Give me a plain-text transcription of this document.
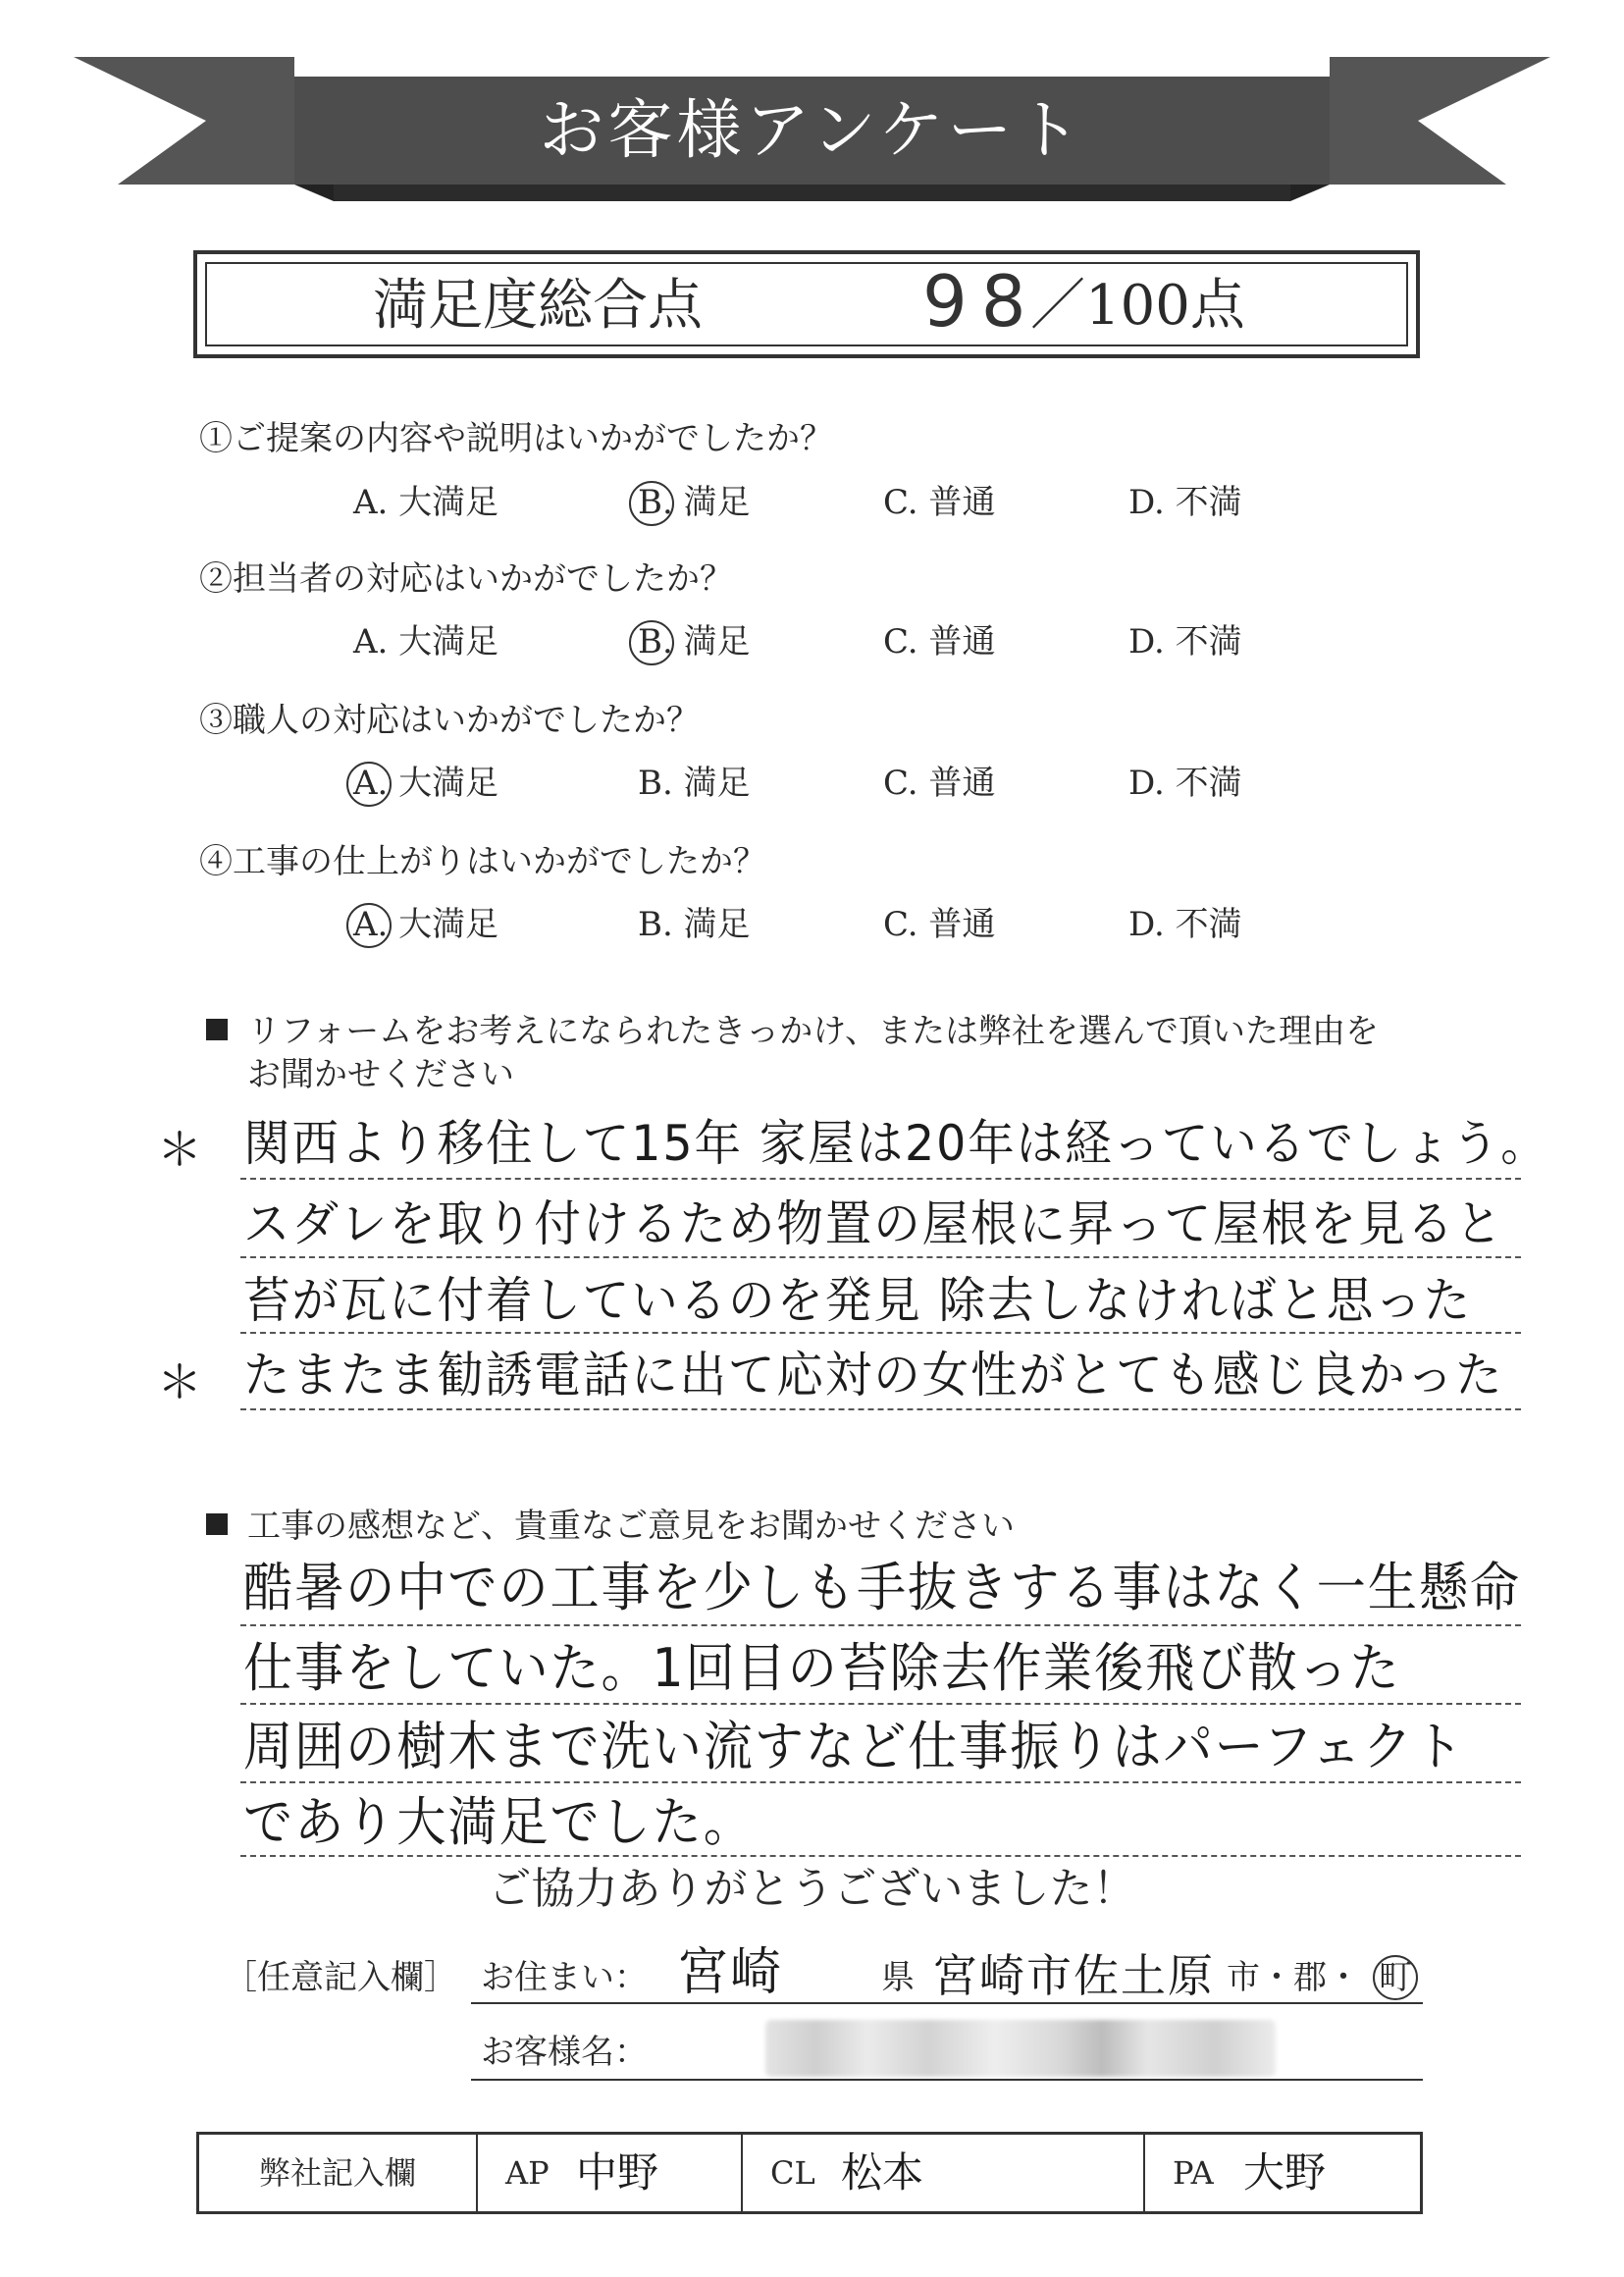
お客様アンケート
満足度総合点	98
／100点
①ご提案の内容や説明はいかがでしたか？
A. 大満足	B. 満足	C. 普通	D. 不満
②担当者の対応はいかがでしたか？
A. 大満足	B. 満足	C. 普通	D. 不満
③職人の対応はいかがでしたか？
A. 大満足	B. 満足	C. 普通	D. 不満
④工事の仕上がりはいかがでしたか？
A. 大満足	B. 満足	C. 普通	D. 不満
リフォームをお考えになられたきっかけ、または弊社を選んで頂いた理由を
お聞かせください
＊ 関西より移住して15年 家屋は20年は経っているでしょう。
スダレを取り付けるため物置の屋根に昇って屋根を見ると
苔が瓦に付着しているのを発見 除去しなければと思った
＊ たまたま勧誘電話に出て応対の女性がとても感じ良かった
工事の感想など、貴重なご意見をお聞かせください
酷暑の中での工事を少しも手抜きする事はなく一生懸命
仕事をしていた。1回目の苔除去作業後飛び散った
周囲の樹木まで洗い流すなど仕事振りはパーフェクト
であり大満足でした。
ご協力ありがとうございました！
［任意記入欄］ お住まい： 宮崎	県 宮崎市佐土原 市・郡・ 町
お客様名：
弊社記入欄	AP 中野	CL 松本	PA 大野
